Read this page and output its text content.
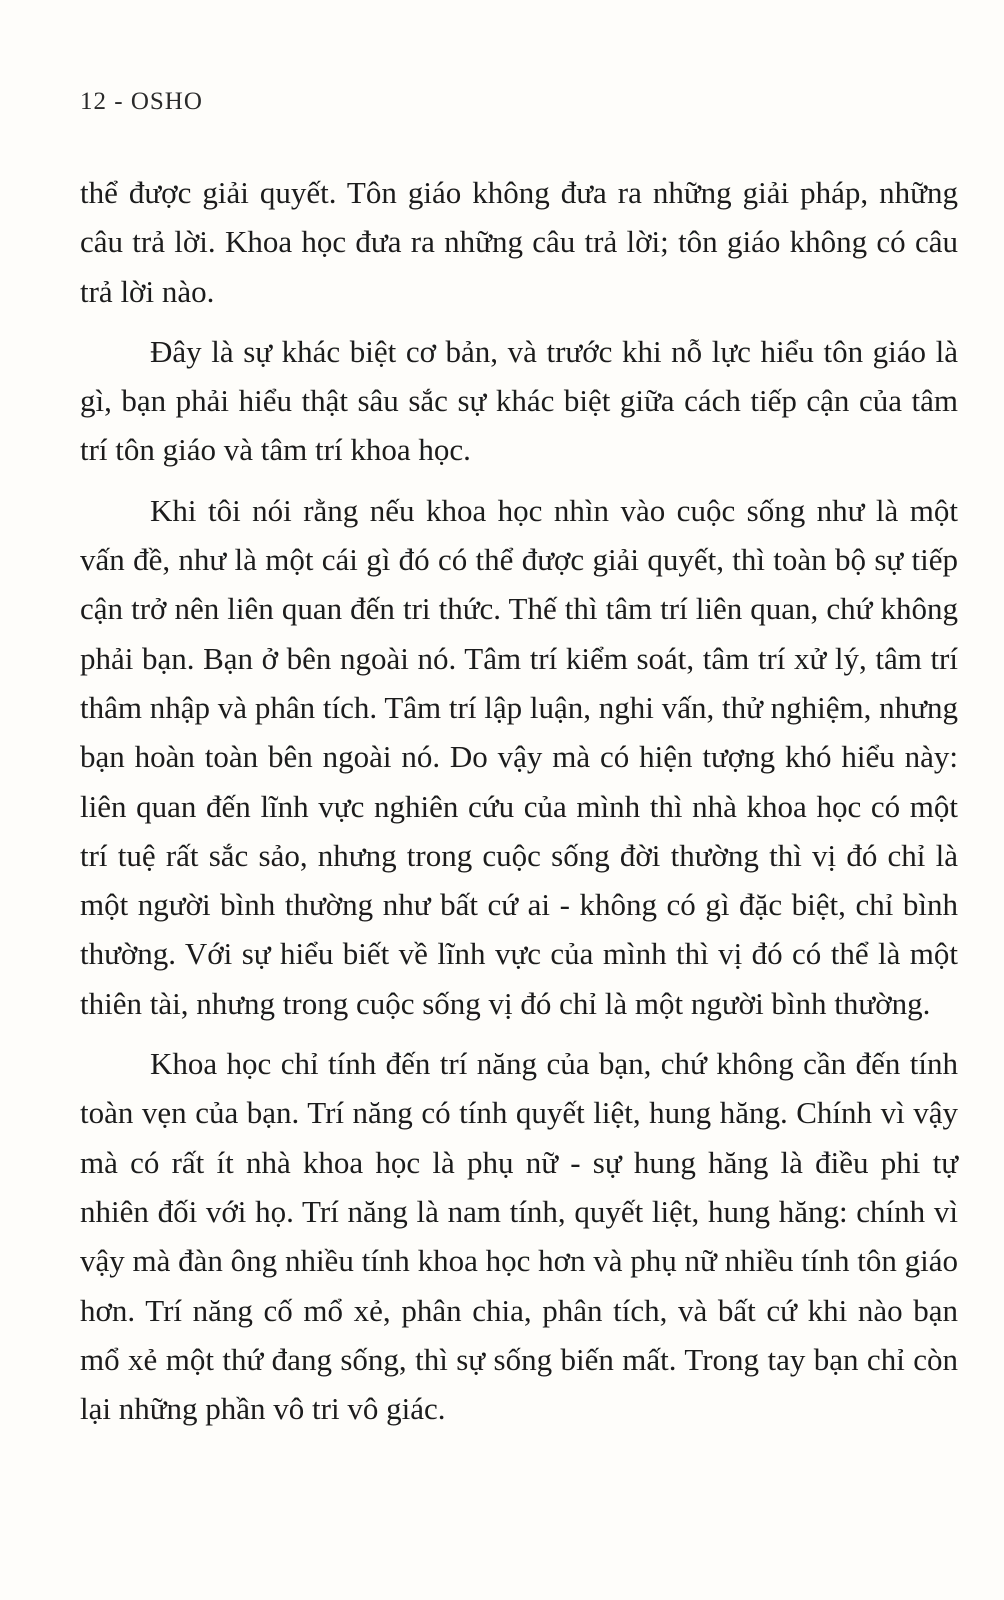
12 - OSHO

thể được giải quyết. Tôn giáo không đưa ra những giải pháp, những câu trả lời. Khoa học đưa ra những câu trả lời; tôn giáo không có câu trả lời nào.

Đây là sự khác biệt cơ bản, và trước khi nỗ lực hiểu tôn giáo là gì, bạn phải hiểu thật sâu sắc sự khác biệt giữa cách tiếp cận của tâm trí tôn giáo và tâm trí khoa học.

Khi tôi nói rằng nếu khoa học nhìn vào cuộc sống như là một vấn đề, như là một cái gì đó có thể được giải quyết, thì toàn bộ sự tiếp cận trở nên liên quan đến tri thức. Thế thì tâm trí liên quan, chứ không phải bạn. Bạn ở bên ngoài nó. Tâm trí kiểm soát, tâm trí xử lý, tâm trí thâm nhập và phân tích. Tâm trí lập luận, nghi vấn, thử nghiệm, nhưng bạn hoàn toàn bên ngoài nó. Do vậy mà có hiện tượng khó hiểu này: liên quan đến lĩnh vực nghiên cứu của mình thì nhà khoa học có một trí tuệ rất sắc sảo, nhưng trong cuộc sống đời thường thì vị đó chỉ là một người bình thường như bất cứ ai - không có gì đặc biệt, chỉ bình thường. Với sự hiểu biết về lĩnh vực của mình thì vị đó có thể là một thiên tài, nhưng trong cuộc sống vị đó chỉ là một người bình thường.

Khoa học chỉ tính đến trí năng của bạn, chứ không cần đến tính toàn vẹn của bạn. Trí năng có tính quyết liệt, hung hăng. Chính vì vậy mà có rất ít nhà khoa học là phụ nữ - sự hung hăng là điều phi tự nhiên đối với họ. Trí năng là nam tính, quyết liệt, hung hăng: chính vì vậy mà đàn ông nhiều tính khoa học hơn và phụ nữ nhiều tính tôn giáo hơn. Trí năng cố mổ xẻ, phân chia, phân tích, và bất cứ khi nào bạn mổ xẻ một thứ đang sống, thì sự sống biến mất. Trong tay bạn chỉ còn lại những phần vô tri vô giác.
